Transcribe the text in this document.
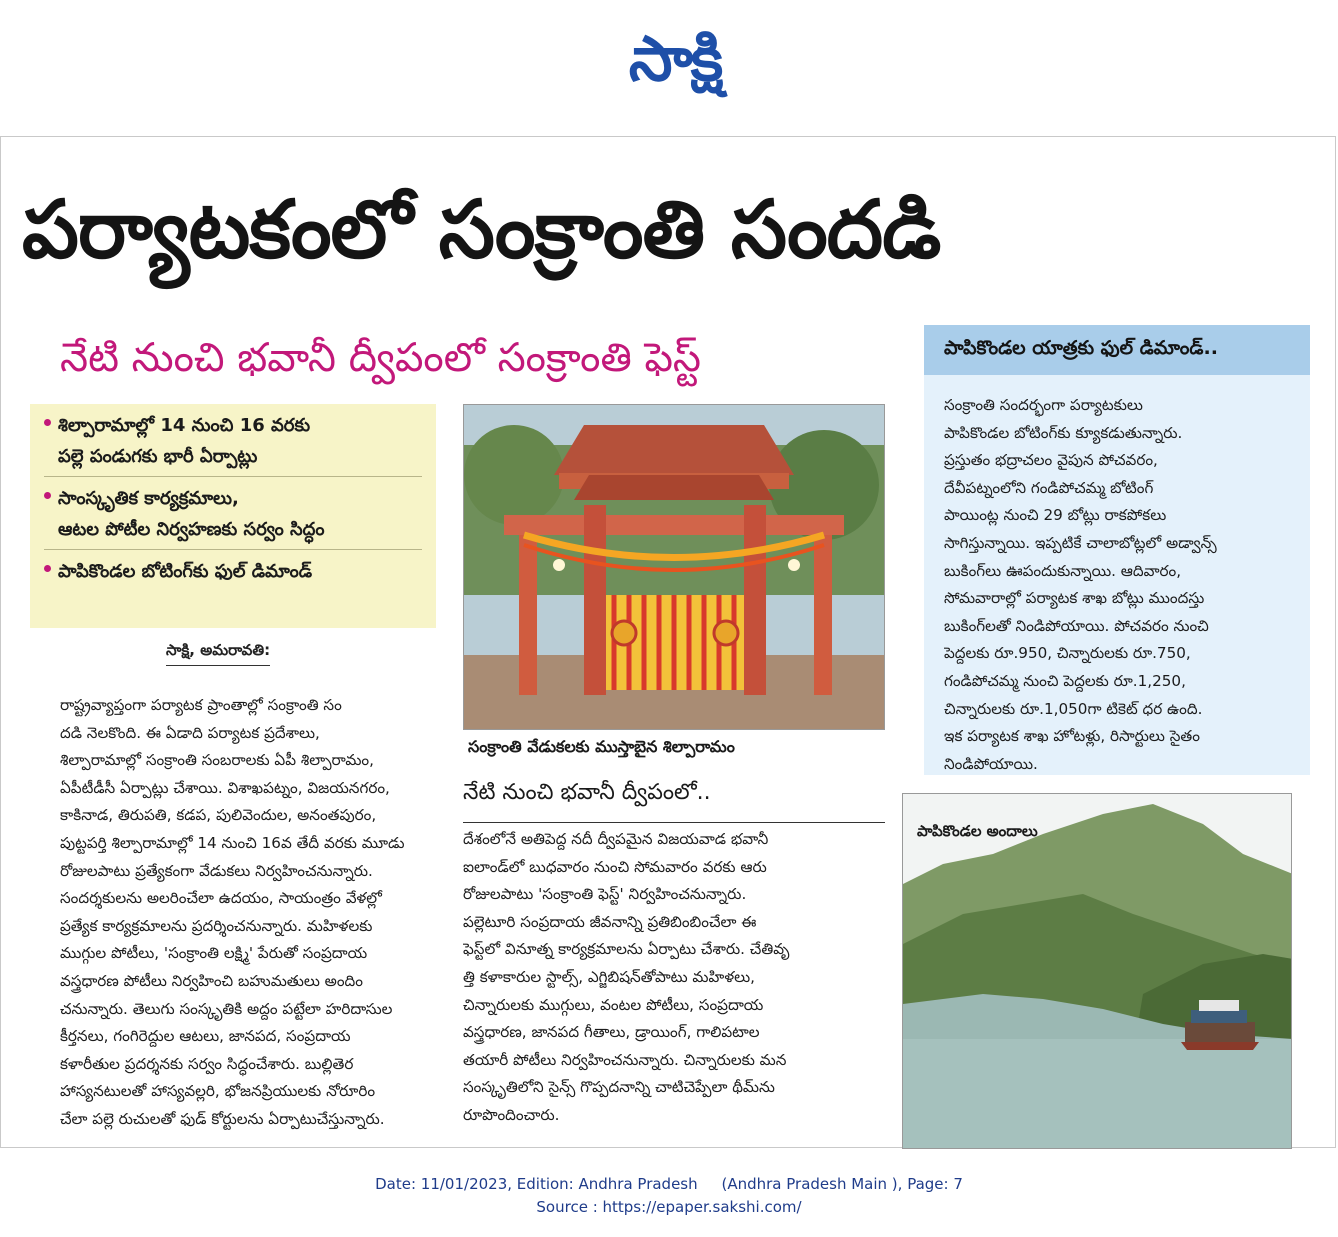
సాక్షి
పర్యాటకంలో సంక్రాంతి సందడి
నేటి నుంచి భవానీ ద్వీపంలో సంక్రాంతి ఫెస్ట్
శిల్పారామాల్లో 14 నుంచి 16 వరకు
పల్లె పండుగకు భారీ ఏర్పాట్లు
సాంస్కృతిక కార్యక్రమాలు,
ఆటల పోటీల నిర్వహణకు సర్వం సిద్ధం
పాపికొండల బోటింగ్‌కు ఫుల్ డిమాండ్
సాక్షి, అమరావతి:
రాష్ట్రవ్యాప్తంగా పర్యాటక ప్రాంతాల్లో సంక్రాంతి సం
దడి నెలకొంది. ఈ ఏడాది పర్యాటక ప్రదేశాలు,
శిల్పారామాల్లో సంక్రాంతి సంబరాలకు ఏపీ శిల్పారామం,
ఏపీటీడీసీ ఏర్పాట్లు చేశాయి. విశాఖపట్నం, విజయనగరం,
కాకినాడ, తిరుపతి, కడప, పులివెందుల, అనంతపురం,
పుట్టపర్తి శిల్పారామాల్లో 14 నుంచి 16వ తేదీ వరకు మూడు
రోజులపాటు ప్రత్యేకంగా వేడుకలు నిర్వహించనున్నారు.
సందర్శకులను అలరించేలా ఉదయం, సాయంత్రం వేళల్లో
ప్రత్యేక కార్యక్రమాలను ప్రదర్శించనున్నారు. మహిళలకు
ముగ్గుల పోటీలు, 'సంక్రాంతి లక్ష్మి' పేరుతో సంప్రదాయ
వస్త్రధారణ పోటీలు నిర్వహించి బహుమతులు అందిం
చనున్నారు. తెలుగు సంస్కృతికి అద్దం పట్టేలా హరిదాసుల
కీర్తనలు, గంగిరెద్దుల ఆటలు, జానపద, సంప్రదాయ
కళారీతుల ప్రదర్శనకు సర్వం సిద్ధంచేశారు. బుల్లితెర
హాస్యనటులతో హాస్యవల్లరి, భోజనప్రియులకు నోరూరిం
చేలా పల్లె రుచులతో ఫుడ్ కోర్టులను ఏర్పాటుచేస్తున్నారు.
సంక్రాంతి వేడుకలకు ముస్తాబైన శిల్పారామం
నేటి నుంచి భవానీ ద్వీపంలో..
దేశంలోనే అతిపెద్ద నదీ ద్వీపమైన విజయవాడ భవానీ
ఐలాండ్‌లో బుధవారం నుంచి సోమవారం వరకు ఆరు
రోజులపాటు 'సంక్రాంతి ఫెస్ట్' నిర్వహించనున్నారు.
పల్లెటూరి సంప్రదాయ జీవనాన్ని ప్రతిబింబించేలా ఈ
ఫెస్ట్‌లో వినూత్న కార్యక్రమాలను ఏర్పాటు చేశారు. చేతివృ
త్తి కళాకారుల స్టాల్స్, ఎగ్జిబిషన్‌తోపాటు మహిళలు,
చిన్నారులకు ముగ్గులు, వంటల పోటీలు, సంప్రదాయ
వస్త్రధారణ, జానపద గీతాలు, డ్రాయింగ్, గాలిపటాల
తయారీ పోటీలు నిర్వహించనున్నారు. చిన్నారులకు మన
సంస్కృతిలోని సైన్స్ గొప్పదనాన్ని చాటిచెప్పేలా థీమ్‌ను
రూపొందించారు.
పాపికొండల యాత్రకు ఫుల్ డిమాండ్..
సంక్రాంతి సందర్భంగా పర్యాటకులు
పాపికొండల బోటింగ్‌కు క్యూకడుతున్నారు.
ప్రస్తుతం భద్రాచలం వైపున పోచవరం,
దేవీపట్నంలోని గండిపోచమ్మ బోటింగ్
పాయింట్ల నుంచి 29 బోట్లు రాకపోకలు
సాగిస్తున్నాయి. ఇప్పటికే చాలాబోట్లలో అడ్వాన్స్
బుకింగ్‌లు ఊపందుకున్నాయి. ఆదివారం,
సోమవారాల్లో పర్యాటక శాఖ బోట్లు ముందస్తు
బుకింగ్‌లతో నిండిపోయాయి. పోచవరం నుంచి
పెద్దలకు రూ.950, చిన్నారులకు రూ.750,
గండిపోచమ్మ నుంచి పెద్దలకు రూ.1,250,
చిన్నారులకు రూ.1,050గా టికెట్ ధర ఉంది.
ఇక పర్యాటక శాఖ హోటళ్లు, రిసార్టులు సైతం
నిండిపోయాయి.
పాపికొండల అందాలు
Date: 11/01/2023, Edition: Andhra Pradesh     (Andhra Pradesh Main ), Page: 7
Source : https://epaper.sakshi.com/
